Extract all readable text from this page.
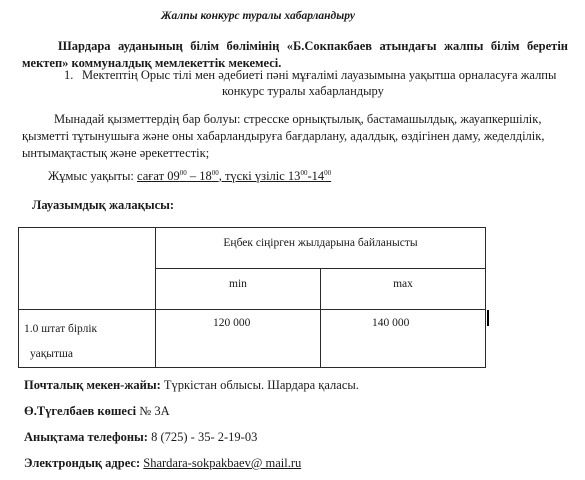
Жалпы конкурс туралы хабарландыру
Шардара ауданының білім бөлімінің «Б.Сокпакбаев атындағы жалпы білім беретін мектеп» коммуналдық мемлекеттік мекемесі.
1. Мектептің Орыс тілі мен әдебиеті пәні мұғалімі лауазымына уақытша орналасуға жалпы
конкурс туралы хабарландыру
Мынадай қызметтердің бар болуы: стресске орнықтылық, бастамашылдық, жауапкершілік,
қызметті тұтынушыға және оны хабарландыруға бағдарлану, адалдық, өздігінен даму, жеделділік,
ынтымақтастық және әрекеттестік;
Жұмыс уақыты: сағат $09^{00} - 18^{00}$, түскі үзіліс $13^{00}-14^{00}$
Лауазымдық жалақысы:
	Еңбек сіңірген жылдарына байланысты	
	min	max

1.0 штат бірлік
уақытша	120 000	140 000
Почталық мекен-жайы: Түркістан облысы. Шардара қаласы.
Ө.Түгелбаев көшесі № 3А
Анықтама телефоны: 8 (725) - 35- 2-19-03
Электрондық адрес: Shardara-sokpakbaev@ mail.ru
